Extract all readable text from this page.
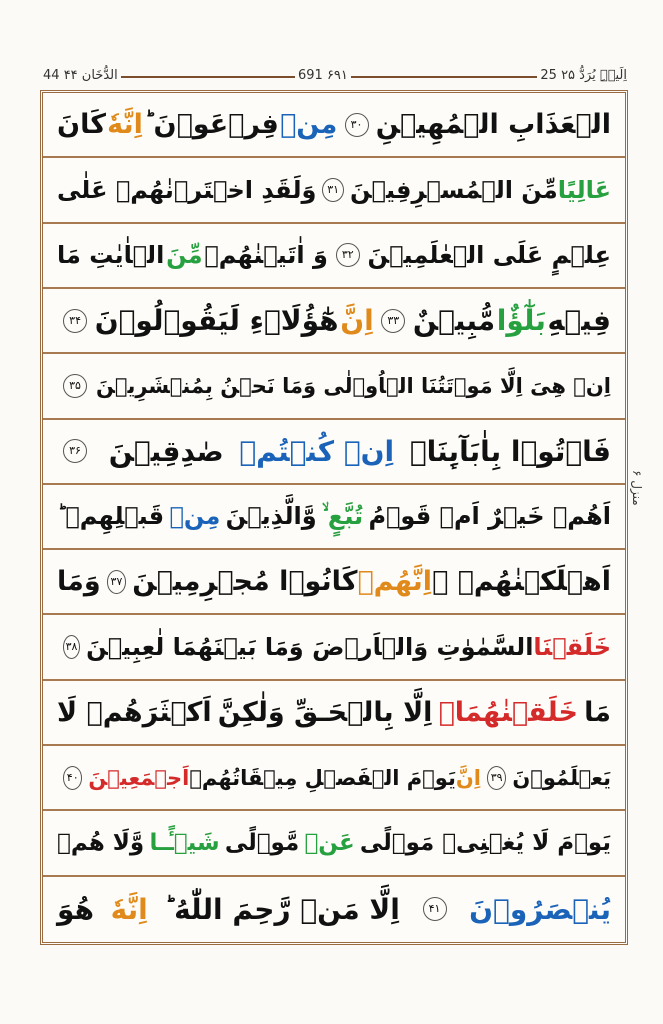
25 اِلَیۡہِ یُرَدُّ ۲۵
691 ۶۹۱
44 الدُّخَان ۴۴
الۡعَذَابِ الۡمُهِيۡنِ
۳۰
مِنۡ
فِرۡعَوۡنَ ؕ
اِنَّهٗ
كَانَ
عَالِيًا
مِّنَ الۡمُسۡرِفِيۡنَ
۳۱
وَلَقَدِ اخۡتَرۡنٰهُمۡ عَلٰى
عِلۡمٍ عَلَى الۡعٰلَمِيۡنَ
۳۲
وَ اٰتَيۡنٰهُمۡ
مِّنَ
الۡاٰيٰتِ مَا
فِيۡهِ
بَلٰٓؤٌا
مُّبِيۡنٌ
۳۳
اِنَّ
هٰٓؤُلَاۤءِ لَيَقُوۡلُوۡنَ
۳۴
اِنۡ هِىَ اِلَّا مَوۡتَتُنَا الۡاُوۡلٰى وَمَا نَحۡنُ بِمُنۡشَرِيۡنَ
۳۵
فَاۡتُوۡا بِاٰبَآٮِٕنَاۤ
اِنۡ كُنۡتُمۡ
صٰدِقِيۡنَ
۳۶
اَهُمۡ خَيۡرٌ اَمۡ قَوۡمُ
تُبَّعٍ ۙ
وَّالَّذِيۡنَ
مِنۡ
قَبۡلِهِمۡ ؕ
اَهۡلَكۡنٰهُمۡ ۡ
اِنَّهُمۡ
كَانُوۡا مُجۡرِمِيۡنَ
۳۷
وَمَا
خَلَقۡنَا
السَّمٰوٰتِ وَالۡاَرۡضَ وَمَا بَيۡنَهُمَا لٰعِبِيۡنَ
۳۸
مَا
خَلَقۡنٰهُمَاۤ
اِلَّا بِالۡحَـقِّ وَلٰكِنَّ
اَكۡثَرَهُمۡ لَا
يَعۡلَمُوۡنَ
۳۹
اِنَّ
يَوۡمَ الۡفَصۡلِ مِيۡقَاتُهُمۡ
اَجۡمَعِيۡنَ
۴۰
يَوۡمَ لَا يُغۡنِىۡ مَوۡلًى
عَنۡ
مَّوۡلًى
شَيۡـًٔـا
وَّلَا هُمۡ
يُنۡصَرُوۡنَ
۴۱
اِلَّا مَنۡ رَّحِمَ اللّٰهُ ؕ
اِنَّهٗ
هُوَ
منزل ۶
